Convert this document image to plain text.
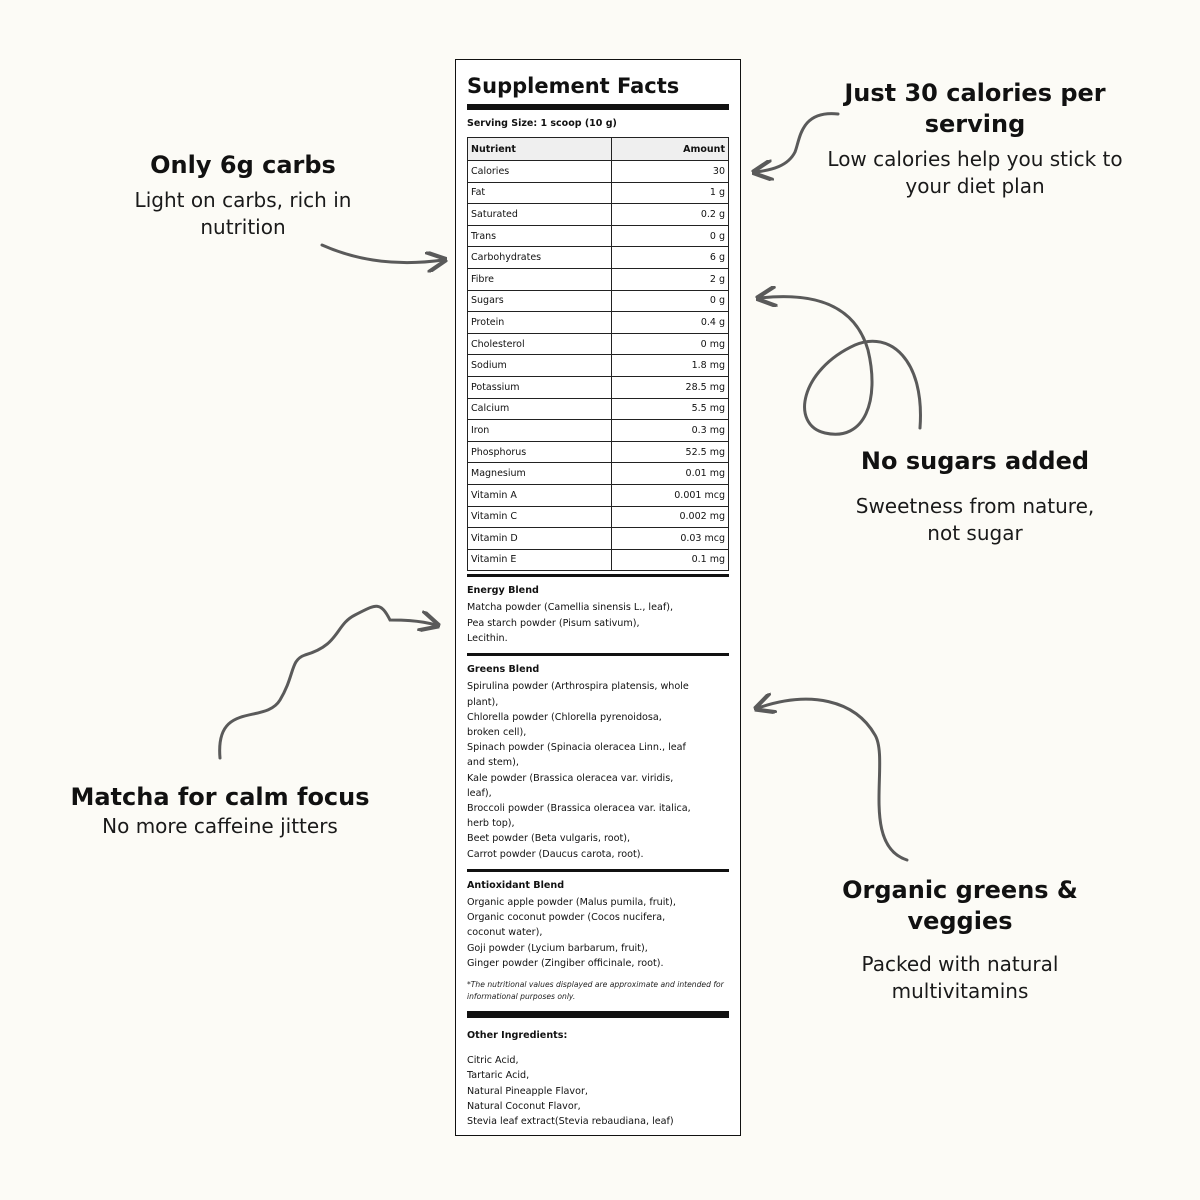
Only 6g carbs
Light on carbs, rich in nutrition
Just 30 calories per serving
Low calories help you stick to your diet plan
No sugars added
Sweetness from nature, not sugar
Matcha for calm focus
No more caffeine jitters
Organic greens & veggies
Packed with natural multivitamins
Supplement Facts
Serving Size: 1 scoop (10 g)
Nutrient	Amount
Calories	30
Fat	1 g
Saturated	0.2 g
Trans	0 g
Carbohydrates	6 g
Fibre	2 g
Sugars	0 g
Protein	0.4 g
Cholesterol	0 mg
Sodium	1.8 mg
Potassium	28.5 mg
Calcium	5.5 mg
Iron	0.3 mg
Phosphorus	52.5 mg
Magnesium	0.01 mg
Vitamin A	0.001 mcg
Vitamin C	0.002 mg
Vitamin D	0.03 mcg
Vitamin E	0.1 mg
Energy Blend
Matcha powder (Camellia sinensis L., leaf),
Pea starch powder (Pisum sativum),
Lecithin.
Greens Blend
Spirulina powder (Arthrospira platensis, whole
plant),
Chlorella powder (Chlorella pyrenoidosa,
broken cell),
Spinach powder (Spinacia oleracea Linn., leaf
and stem),
Kale powder (Brassica oleracea var. viridis,
leaf),
Broccoli powder (Brassica oleracea var. italica,
herb top),
Beet powder (Beta vulgaris, root),
Carrot powder (Daucus carota, root).
Antioxidant Blend
Organic apple powder (Malus pumila, fruit),
Organic coconut powder (Cocos nucifera,
coconut water),
Goji powder (Lycium barbarum, fruit),
Ginger powder (Zingiber officinale, root).
*The nutritional values displayed are approximate and intended for informational purposes only.
Other Ingredients:
Citric Acid,
Tartaric Acid,
Natural Pineapple Flavor,
Natural Coconut Flavor,
Stevia leaf extract(Stevia rebaudiana, leaf)
